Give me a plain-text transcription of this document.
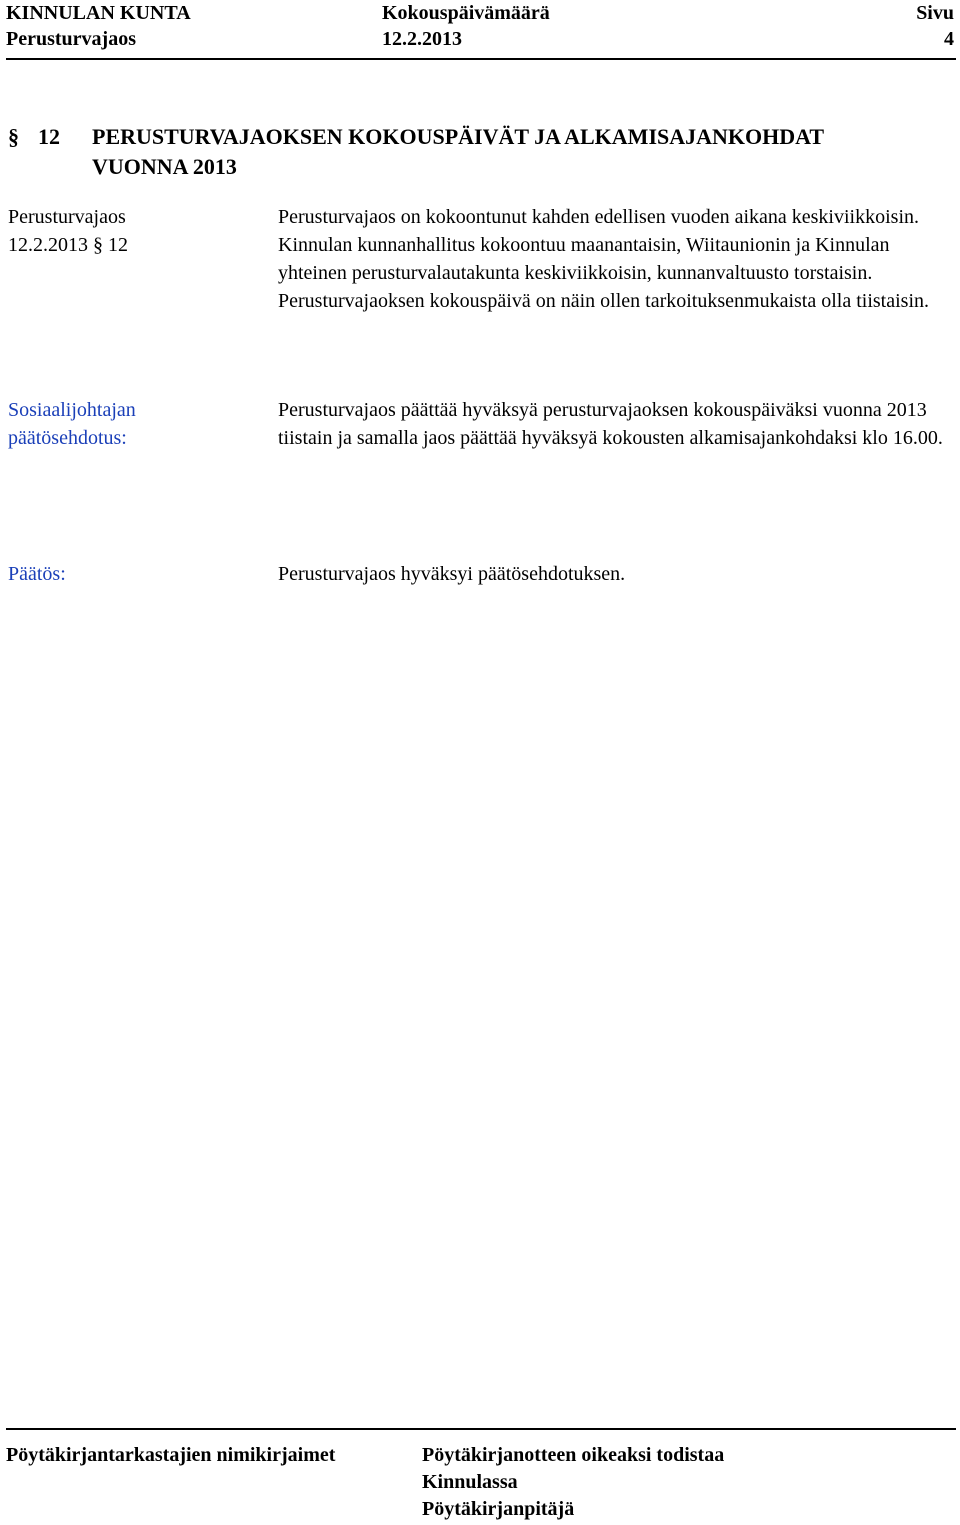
KINNULAN KUNTA
Perusturvajaos
Kokouspäivämäärä
12.2.2013
Sivu
4
§ 12 PERUSTURVAJAOKSEN KOKOUSPÄIVÄT JA ALKAMISAJANKOHDAT
VUONNA 2013
Perusturvajaos
12.2.2013 § 12
Perusturvajaos on kokoontunut kahden edellisen vuoden aikana keskiviikkoisin. Kinnulan kunnanhallitus kokoontuu maanantaisin, Wiitaunionin ja Kinnulan yhteinen perusturvalautakunta keskiviikkoisin, kunnanvaltuusto torstaisin. Perusturvajaoksen kokouspäivä on näin ollen tarkoituksenmukaista olla tiistaisin.
Sosiaalijohtajan
päätösehdotus:
Perusturvajaos päättää hyväksyä perusturvajaoksen kokouspäiväksi vuonna 2013 tiistain ja samalla jaos päättää hyväksyä kokousten alkamisajankohdaksi klo 16.00.
Päätös:	Perusturvajaos hyväksyi päätösehdotuksen.
Pöytäkirjantarkastajien nimikirjaimet	Pöytäkirjanotteen oikeaksi todistaa
Kinnulassa
Pöytäkirjanpitäjä
